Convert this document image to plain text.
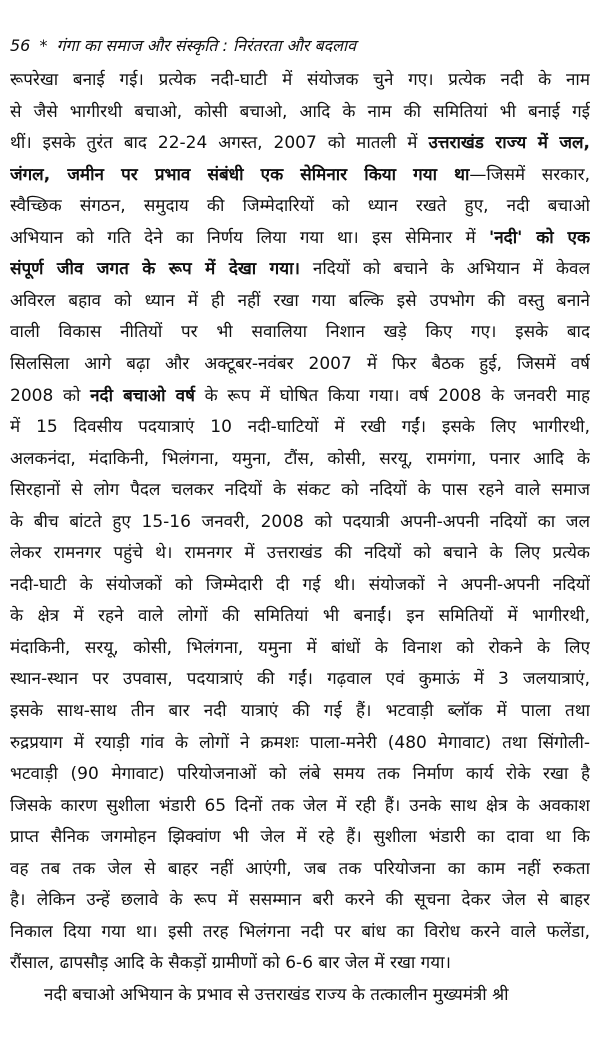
56 * गंगा का समाज और संस्कृति : निरंतरता और बदलाव
रूपरेखा बनाई गई। प्रत्येक नदी-घाटी में संयोजक चुने गए। प्रत्येक नदी के नाम
से जैसे भागीरथी बचाओ, कोसी बचाओ, आदि के नाम की समितियां भी बनाई गई
थीं। इसके तुरंत बाद 22-24 अगस्त, 2007 को मातली में उत्तराखंड राज्य में जल,
जंगल, जमीन पर प्रभाव संबंधी एक सेमिनार किया गया था—जिसमें सरकार,
स्वैच्छिक संगठन, समुदाय की जिम्मेदारियों को ध्यान रखते हुए, नदी बचाओ
अभियान को गति देने का निर्णय लिया गया था। इस सेमिनार में 'नदी' को एक
संपूर्ण जीव जगत के रूप में देखा गया। नदियों को बचाने के अभियान में केवल
अविरल बहाव को ध्यान में ही नहीं रखा गया बल्कि इसे उपभोग की वस्तु बनाने
वाली विकास नीतियों पर भी सवालिया निशान खड़े किए गए। इसके बाद
सिलसिला आगे बढ़ा और अक्टूबर-नवंबर 2007 में फिर बैठक हुई, जिसमें वर्ष
2008 को नदी बचाओ वर्ष के रूप में घोषित किया गया। वर्ष 2008 के जनवरी माह
में 15 दिवसीय पदयात्राएं 10 नदी-घाटियों में रखी गईं। इसके लिए भागीरथी,
अलकनंदा, मंदाकिनी, भिलंगना, यमुना, टौंस, कोसी, सरयू, रामगंगा, पनार आदि के
सिरहानों से लोग पैदल चलकर नदियों के संकट को नदियों के पास रहने वाले समाज
के बीच बांटते हुए 15-16 जनवरी, 2008 को पदयात्री अपनी-अपनी नदियों का जल
लेकर रामनगर पहुंचे थे। रामनगर में उत्तराखंड की नदियों को बचाने के लिए प्रत्येक
नदी-घाटी के संयोजकों को जिम्मेदारी दी गई थी। संयोजकों ने अपनी-अपनी नदियों
के क्षेत्र में रहने वाले लोगों की समितियां भी बनाईं। इन समितियों में भागीरथी,
मंदाकिनी, सरयू, कोसी, भिलंगना, यमुना में बांधों के विनाश को रोकने के लिए
स्थान-स्थान पर उपवास, पदयात्राएं की गईं। गढ़वाल एवं कुमाऊं में 3 जलयात्राएं,
इसके साथ-साथ तीन बार नदी यात्राएं की गई हैं। भटवाड़ी ब्लॉक में पाला तथा
रुद्रप्रयाग में रयाड़ी गांव के लोगों ने क्रमशः पाला-मनेरी (480 मेगावाट) तथा सिंगोली-
भटवाड़ी (90 मेगावाट) परियोजनाओं को लंबे समय तक निर्माण कार्य रोके रखा है
जिसके कारण सुशीला भंडारी 65 दिनों तक जेल में रही हैं। उनके साथ क्षेत्र के अवकाश
प्राप्त सैनिक जगमोहन झिक्वांण भी जेल में रहे हैं। सुशीला भंडारी का दावा था कि
वह तब तक जेल से बाहर नहीं आएंगी, जब तक परियोजना का काम नहीं रुकता
है। लेकिन उन्हें छलावे के रूप में ससम्मान बरी करने की सूचना देकर जेल से बाहर
निकाल दिया गया था। इसी तरह भिलंगना नदी पर बांध का विरोध करने वाले फलेंडा,
रौंसाल, ढापसौड़ आदि के सैकड़ों ग्रामीणों को 6-6 बार जेल में रखा गया।
नदी बचाओ अभियान के प्रभाव से उत्तराखंड राज्य के तत्कालीन मुख्यमंत्री श्री
